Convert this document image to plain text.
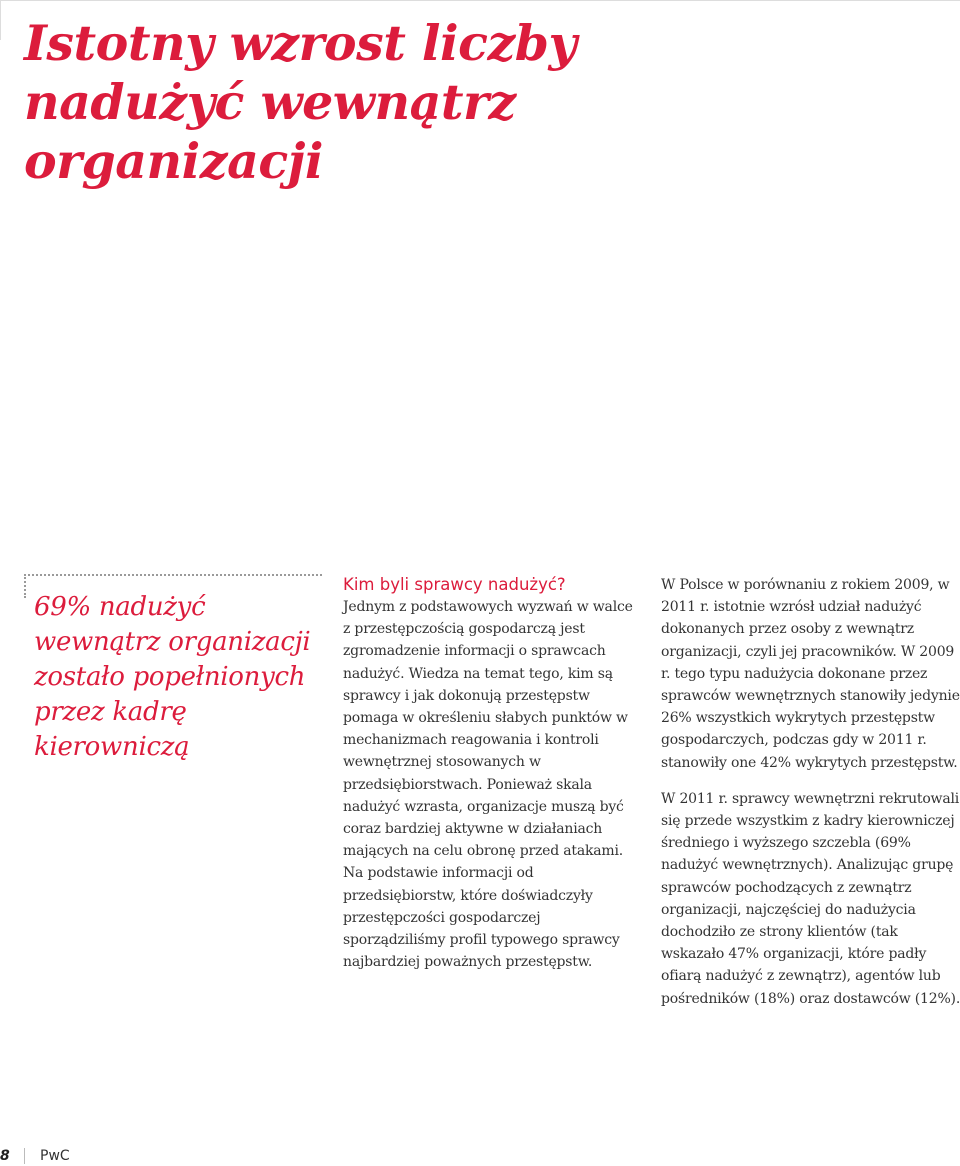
Istotny wzrost liczby nadużyć wewnątrz organizacji

69% nadużyć wewnątrz organizacji zostało popełnionych przez kadrę kierowniczą

Kim byli sprawcy nadużyć?

Jednym z podstawowych wyzwań w walce z przestępczością gospodarczą jest zgromadzenie informacji o sprawcach nadużyć. Wiedza na temat tego, kim są sprawcy i jak dokonują przestępstw pomaga w określeniu słabych punktów w mechanizmach reagowania i kontroli wewnętrznej stosowanych w przedsiębiorstwach. Ponieważ skala nadużyć wzrasta, organizacje muszą być coraz bardziej aktywne w działaniach mających na celu obronę przed atakami. Na podstawie informacji od przedsiębiorstw, które doświadczyły przestępczości gospodarczej sporządziliśmy profil typowego sprawcy najbardziej poważnych przestępstw.

W Polsce w porównaniu z rokiem 2009, w 2011 r. istotnie wzrósł udział nadużyć dokonanych przez osoby z wewnątrz organizacji, czyli jej pracowników. W 2009 r. tego typu nadużycia dokonane przez sprawców wewnętrznych stanowiły jedynie 26% wszystkich wykrytych przestępstw gospodarczych, podczas gdy w 2011 r. stanowiły one 42% wykrytych przestępstw.

W 2011 r. sprawcy wewnętrzni rekrutowali się przede wszystkim z kadry kierowniczej średniego i wyższego szczebla (69% nadużyć wewnętrznych). Analizując grupę sprawców pochodzących z zewnątrz organizacji, najczęściej do nadużycia dochodziło ze strony klientów (tak wskazało 47% organizacji, które padły ofiarą nadużyć z zewnątrz), agentów lub pośredników (18%) oraz dostawców (12%).

8 PwC
